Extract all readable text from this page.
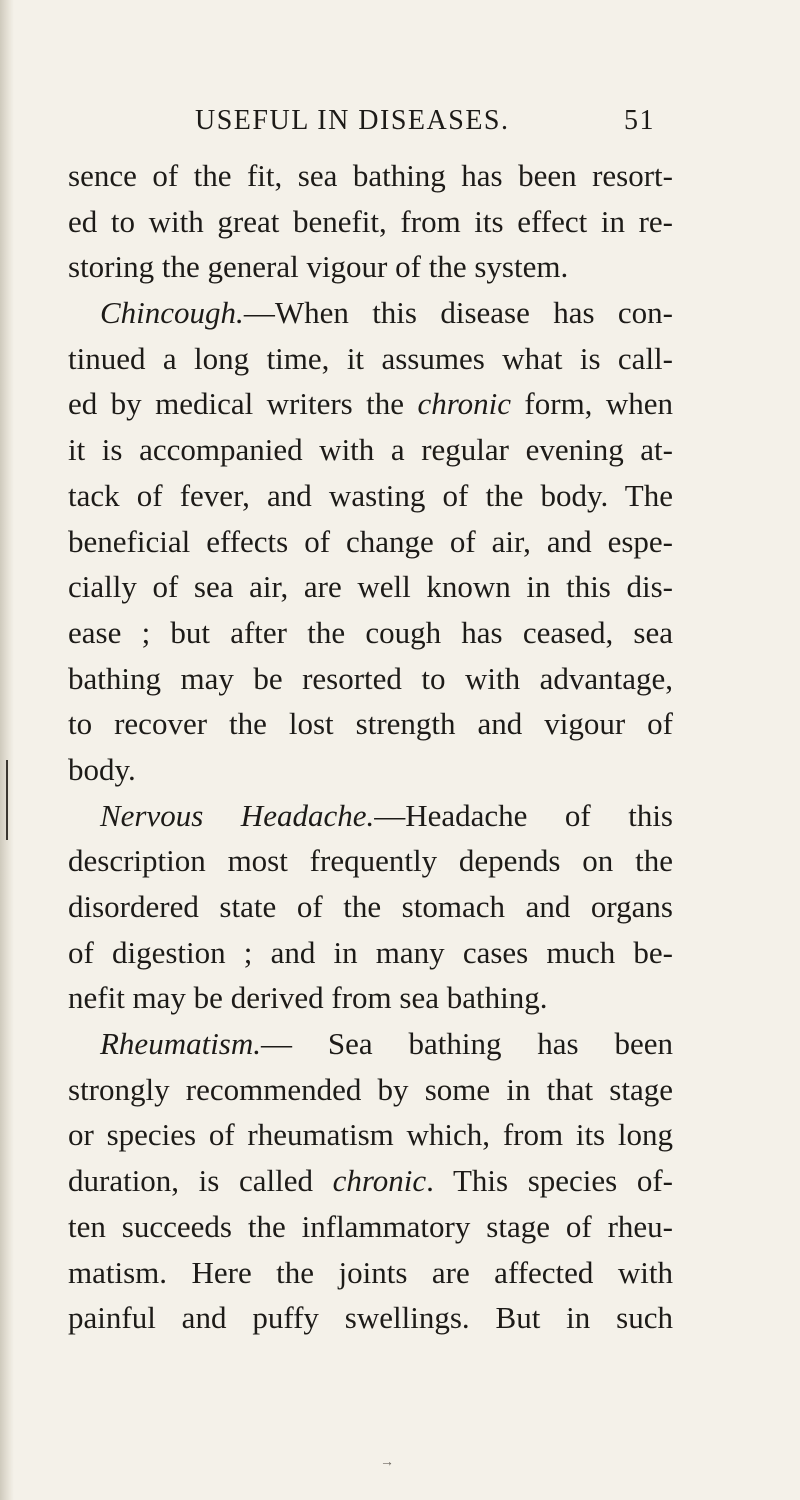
USEFUL IN DISEASES.	51
sence of the fit, sea bathing has been resort-
ed to with great benefit, from its effect in re-
storing the general vigour of the system.
Chincough.—When this disease has con-
tinued a long time, it assumes what is call-
ed by medical writers the chronic form, when
it is accompanied with a regular evening at-
tack of fever, and wasting of the body. The
beneficial effects of change of air, and espe-
cially of sea air, are well known in this dis-
ease ; but after the cough has ceased, sea
bathing may be resorted to with advantage,
to recover the lost strength and vigour of
body.
Nervous Headache.—Headache of this
description most frequently depends on the
disordered state of the stomach and organs
of digestion ; and in many cases much be-
nefit may be derived from sea bathing.
Rheumatism.— Sea bathing has been
strongly recommended by some in that stage
or species of rheumatism which, from its long
duration, is called chronic. This species of-
ten succeeds the inflammatory stage of rheu-
matism. Here the joints are affected with
painful and puffy swellings. But in such
→
